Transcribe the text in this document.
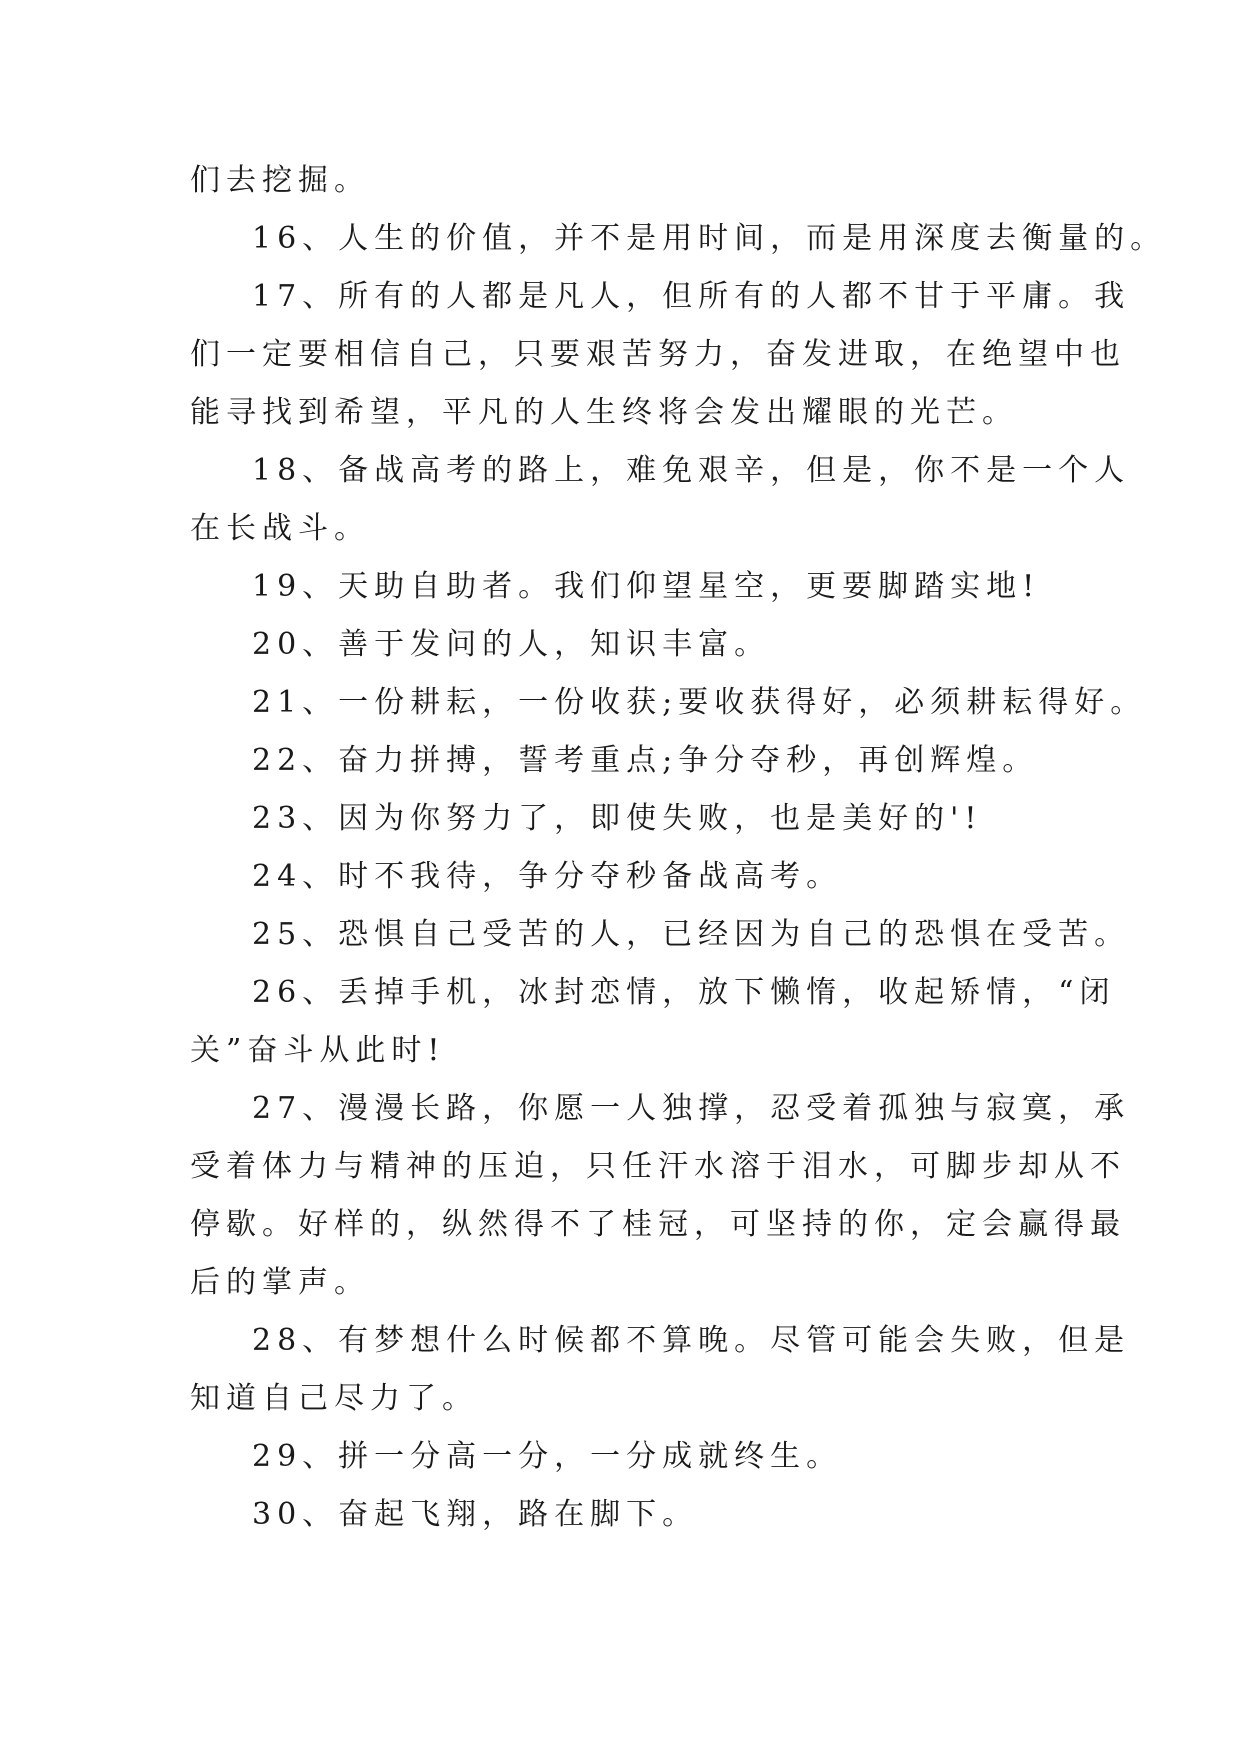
们去挖掘。
16、人生的价值，并不是用时间，而是用深度去衡量的。
17、所有的人都是凡人，但所有的人都不甘于平庸。我
们一定要相信自己，只要艰苦努力，奋发进取，在绝望中也
能寻找到希望，平凡的人生终将会发出耀眼的光芒。
18、备战高考的路上，难免艰辛，但是，你不是一个人
在长战斗。
19、天助自助者。我们仰望星空，更要脚踏实地!
20、善于发问的人，知识丰富。
21、一份耕耘，一份收获;要收获得好，必须耕耘得好。
22、奋力拼搏，誓考重点;争分夺秒，再创辉煌。
23、因为你努力了，即使失败，也是美好的'!
24、时不我待，争分夺秒备战高考。
25、恐惧自己受苦的人，已经因为自己的恐惧在受苦。
26、丢掉手机，冰封恋情，放下懒惰，收起矫情，“闭
关”奋斗从此时!
27、漫漫长路，你愿一人独撑，忍受着孤独与寂寞，承
受着体力与精神的压迫，只任汗水溶于泪水，可脚步却从不
停歇。好样的，纵然得不了桂冠，可坚持的你，定会赢得最
后的掌声。
28、有梦想什么时候都不算晚。尽管可能会失败，但是
知道自己尽力了。
29、拼一分高一分，一分成就终生。
30、奋起飞翔，路在脚下。
